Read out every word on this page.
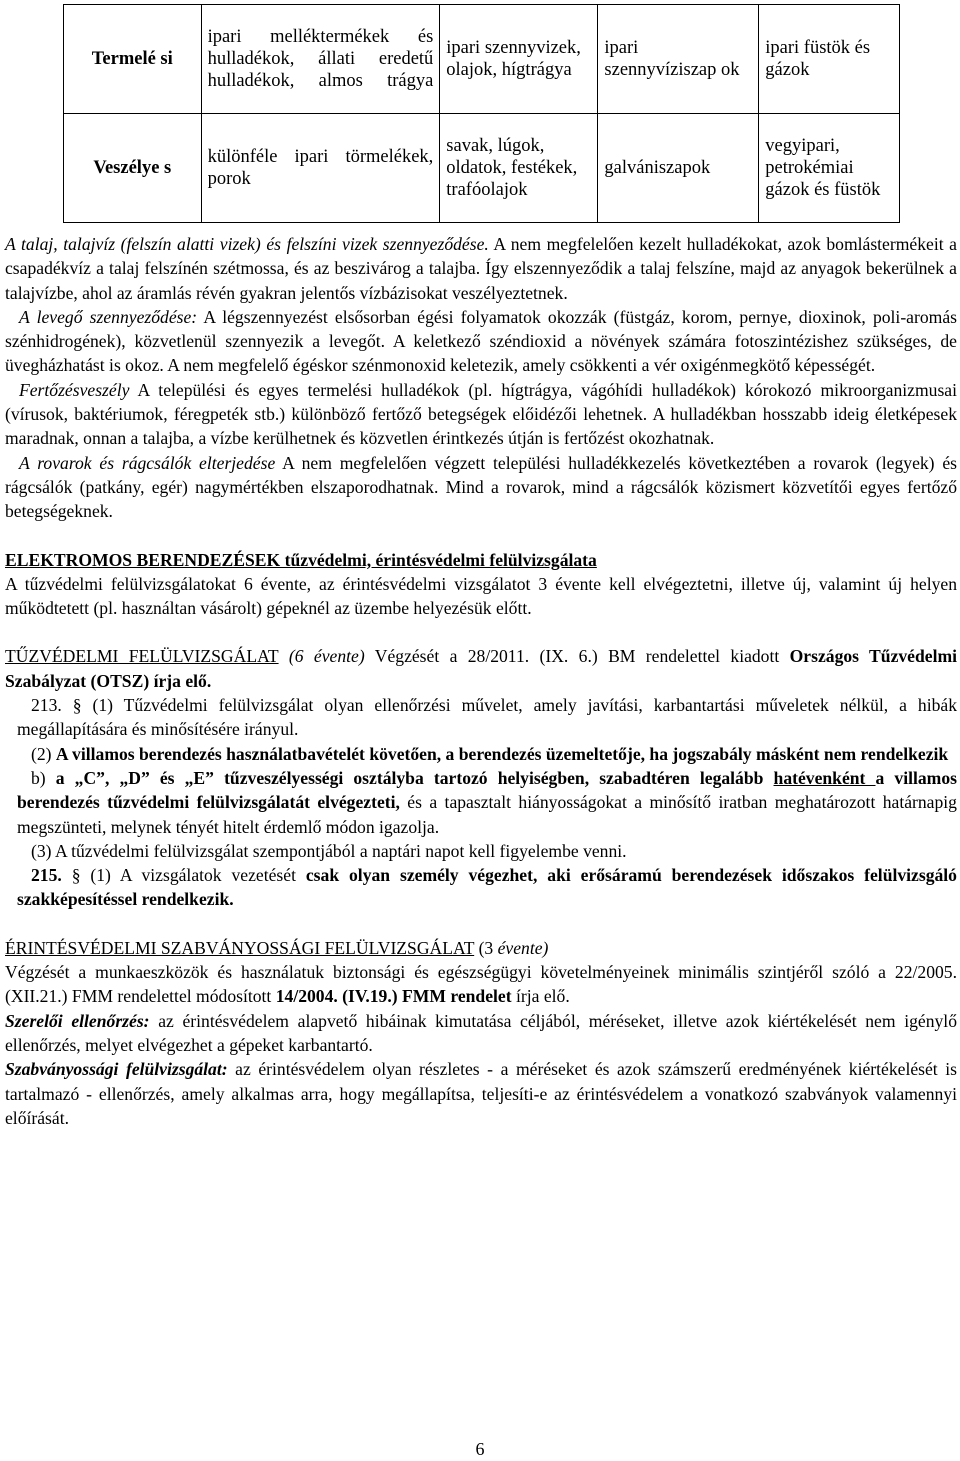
Termelé si	ipari melléktermékek és hulladékok, állati eredetű hulladékok, almos trágya	ipari szennyvizek, olajok, hígtrágya	ipari szennyvíziszap ok	ipari füstök és gázok
Veszélye s	különféle ipari törmelékek, porok	savak, lúgok, oldatok, festékek, trafóolajok	galvániszapok	vegyipari, petrokémiai gázok és füstök

A talaj, talajvíz (felszín alatti vizek) és felszíni vizek szennyeződése. A nem megfelelően kezelt hulladékokat, azok bomlástermékeit a csapadékvíz a talaj felszínén szétmossa, és az beszivárog a talajba. Így elszennyeződik a talaj felszíne, majd az anyagok bekerülnek a talajvízbe, ahol az áramlás révén gyakran jelentős vízbázisokat veszélyeztetnek.

A levegő szennyeződése: A légszennyezést elsősorban égési folyamatok okozzák (füstgáz, korom, pernye, dioxinok, poli-aromás szénhidrogének), közvetlenül szennyezik a levegőt. A keletkező széndioxid a növények számára fotoszintézishez szükséges, de üvegházhatást is okoz. A nem megfelelő égéskor szénmonoxid keletezik, amely csökkenti a vér oxigénmegkötő képességét.

Fertőzésveszély A települési és egyes termelési hulladékok (pl. hígtrágya, vágóhídi hulladékok) kórokozó mikroorganizmusai (vírusok, baktériumok, féregpeték stb.) különböző fertőző betegségek előidézői lehetnek. A hulladékban hosszabb ideig életképesek maradnak, onnan a talajba, a vízbe kerülhetnek és közvetlen érintkezés útján is fertőzést okozhatnak.

A rovarok és rágcsálók elterjedése A nem megfelelően végzett települési hulladékkezelés következtében a rovarok (legyek) és rágcsálók (patkány, egér) nagymértékben elszaporodhatnak. Mind a rovarok, mind a rágcsálók közismert közvetítői egyes fertőző betegségeknek.

ELEKTROMOS BERENDEZÉSEK tűzvédelmi, érintésvédelmi felülvizsgálata

A tűzvédelmi felülvizsgálatokat 6 évente, az érintésvédelmi vizsgálatot 3 évente kell elvégeztetni, illetve új, valamint új helyen működtetett (pl. használtan vásárolt) gépeknél az üzembe helyezésük előtt.

TŰZVÉDELMI FELÜLVIZSGÁLAT (6 évente) Végzését a 28/2011. (IX. 6.) BM rendelettel kiadott Országos Tűzvédelmi Szabályzat (OTSZ) írja elő.

213. § (1) Tűzvédelmi felülvizsgálat olyan ellenőrzési művelet, amely javítási, karbantartási műveletek nélkül, a hibák megállapítására és minősítésére irányul.

(2) A villamos berendezés használatbavételét követően, a berendezés üzemeltetője, ha jogszabály másként nem rendelkezik

b) a „C”, „D” és „E” tűzveszélyességi osztályba tartozó helyiségben, szabadtéren legalább hatévenként a villamos berendezés tűzvédelmi felülvizsgálatát elvégezteti, és a tapasztalt hiányosságokat a minősítő iratban meghatározott határnapig megszünteti, melynek tényét hitelt érdemlő módon igazolja.

(3) A tűzvédelmi felülvizsgálat szempontjából a naptári napot kell figyelembe venni.

215. § (1) A vizsgálatok vezetését csak olyan személy végezhet, aki erősáramú berendezések időszakos felülvizsgáló szakképesítéssel rendelkezik.

ÉRINTÉSVÉDELMI SZABVÁNYOSSÁGI FELÜLVIZSGÁLAT (3 évente)

Végzését a munkaeszközök és használatuk biztonsági és egészségügyi követelményeinek minimális szintjéről szóló a 22/2005. (XII.21.) FMM rendelettel módosított 14/2004. (IV.19.) FMM rendelet írja elő.

Szerelői ellenőrzés: az érintésvédelem alapvető hibáinak kimutatása céljából, méréseket, illetve azok kiértékelését nem igénylő ellenőrzés, melyet elvégezhet a gépeket karbantartó.

Szabványossági felülvizsgálat: az érintésvédelem olyan részletes - a méréseket és azok számszerű eredményének kiértékelését is tartalmazó - ellenőrzés, amely alkalmas arra, hogy megállapítsa, teljesíti-e az érintésvédelem a vonatkozó szabványok valamennyi előírását.

6
